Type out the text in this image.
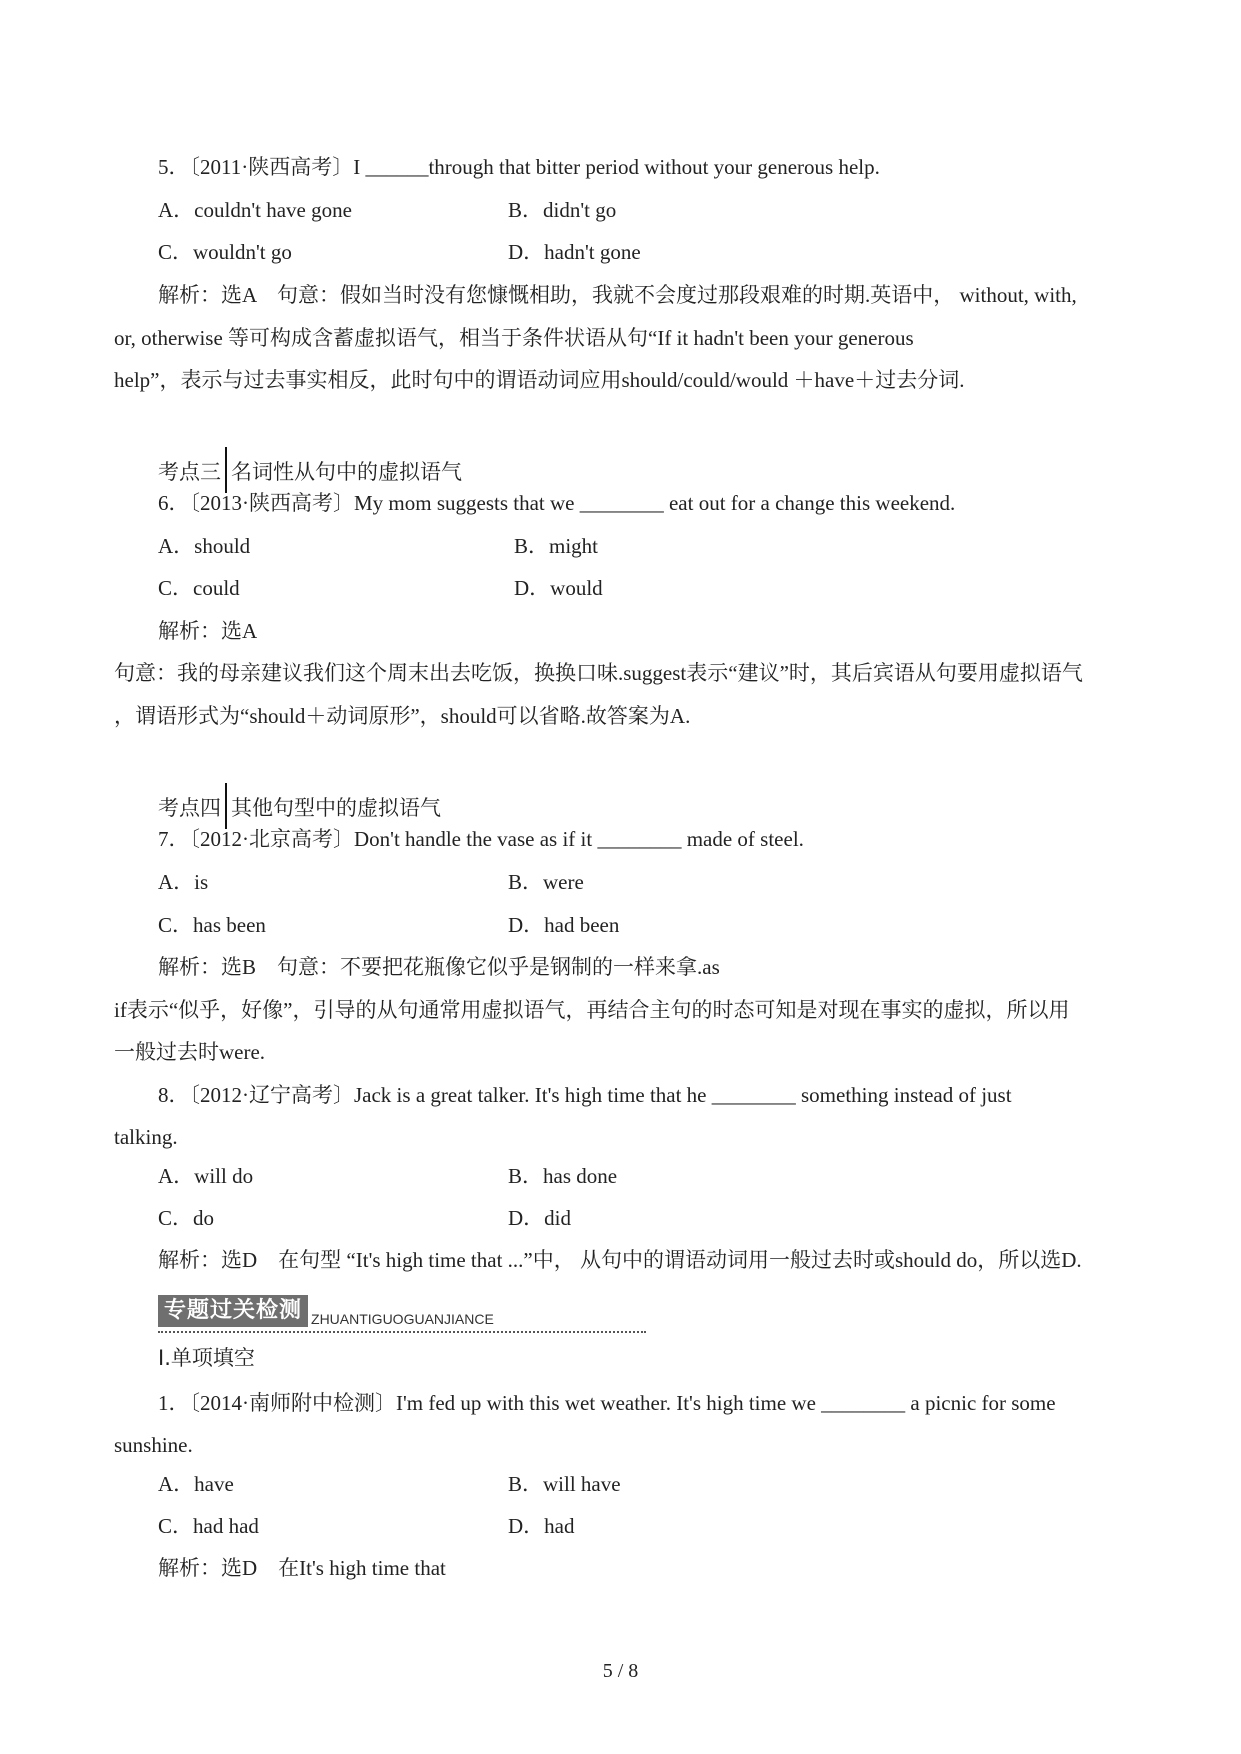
5．〔2011·陕西高考〕I ______through that bitter period without your generous help.
A．couldn't have gone	B．didn't go
C．wouldn't go	D．hadn't gone
解析：选A　句意：假如当时没有您慷慨相助，我就不会度过那段艰难的时期.英语中， without, with,
or, otherwise 等可构成含蓄虚拟语气，相当于条件状语从句“If it hadn't been your generous
help”，表示与过去事实相反，此时句中的谓语动词应用should/could/would ＋have＋过去分词.
考点三 名词性从句中的虚拟语气
6．〔2013·陕西高考〕My mom suggests that we ________ eat out for a change this weekend.
A．should	B．might
C．could	D．would
解析：选A
句意：我的母亲建议我们这个周末出去吃饭，换换口味.suggest表示“建议”时，其后宾语从句要用虚拟语气
，谓语形式为“should＋动词原形”，should可以省略.故答案为A.
考点四 其他句型中的虚拟语气
7．〔2012·北京高考〕Don't handle the vase as if it ________ made of steel.
A．is	B．were
C．has been	D．had been
解析：选B　句意：不要把花瓶像它似乎是钢制的一样来拿.as
if表示“似乎，好像”，引导的从句通常用虚拟语气，再结合主句的时态可知是对现在事实的虚拟，所以用
一般过去时were.
8．〔2012·辽宁高考〕Jack is a great talker. It's high time that he ________ something instead of just
talking.
A．will do	B．has done
C．do	D．did
解析：选D　在句型 “It's high time that ...”中， 从句中的谓语动词用一般过去时或should do，所以选D.
专题过关检测 ZHUANTIGUOGUANJIANCE
Ⅰ.单项填空
1．〔2014·南师附中检测〕I'm fed up with this wet weather. It's high time we ________ a picnic for some
sunshine.
A．have	B．will have
C．had had	D．had
解析：选D　在It's high time that
5 / 8
